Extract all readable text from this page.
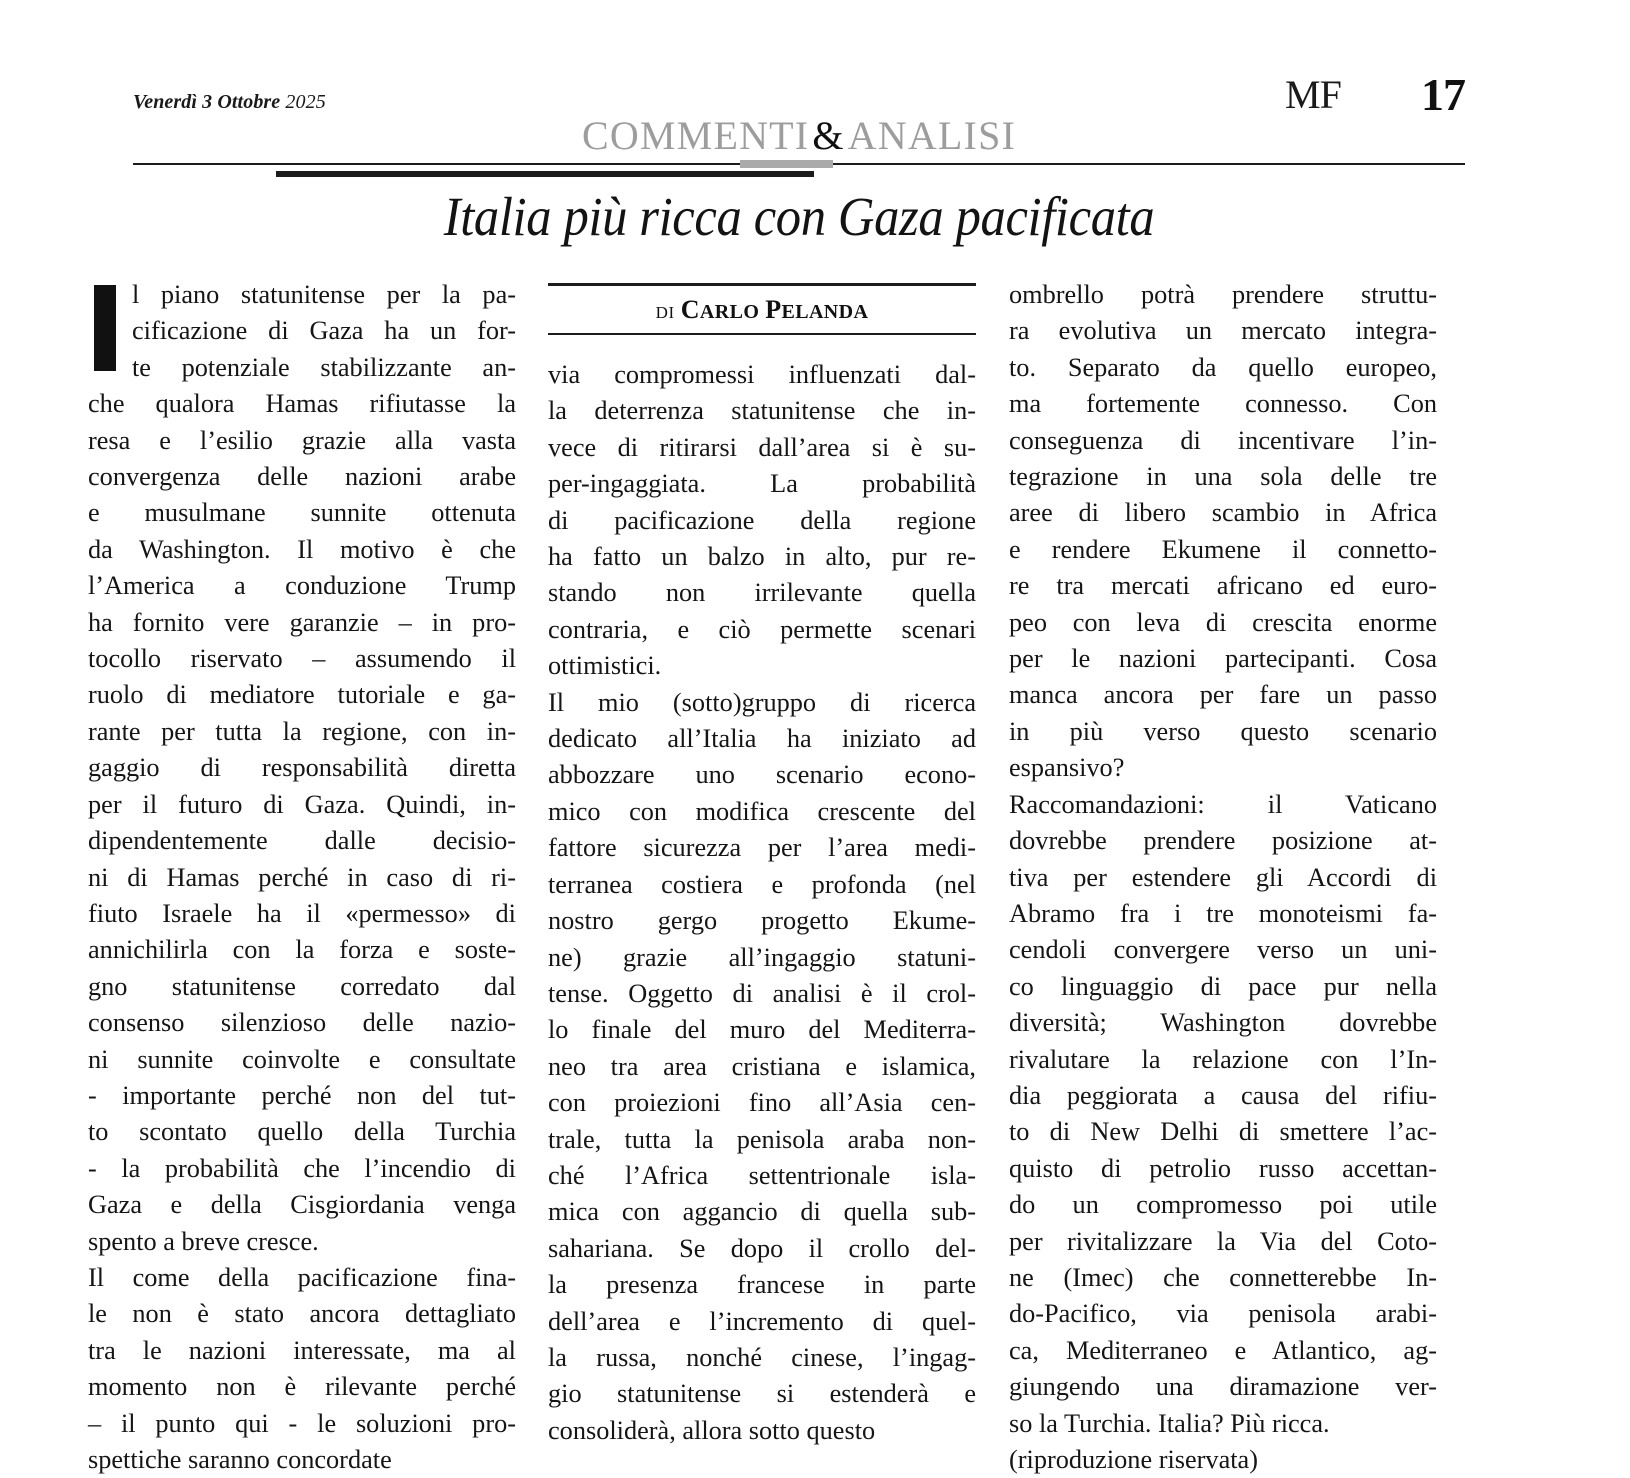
Venerdì 3 Ottobre 2025	MF 17
COMMENTI&ANALISI
Italia più ricca con Gaza pacificata
DI CARLO PELANDA
l piano statunitense per la pa-
cificazione di Gaza ha un for-
te potenziale stabilizzante an-
che qualora Hamas rifiutasse la
resa e l’esilio grazie alla vasta
convergenza delle nazioni arabe
e musulmane sunnite ottenuta
da Washington. Il motivo è che
l’America a conduzione Trump
ha fornito vere garanzie – in pro-
tocollo riservato – assumendo il
ruolo di mediatore tutoriale e ga-
rante per tutta la regione, con in-
gaggio di responsabilità diretta
per il futuro di Gaza. Quindi, in-
dipendentemente dalle decisio-
ni di Hamas perché in caso di ri-
fiuto Israele ha il «permesso» di
annichilirla con la forza e soste-
gno statunitense corredato dal
consenso silenzioso delle nazio-
ni sunnite coinvolte e consultate
- importante perché non del tut-
to scontato quello della Turchia
- la probabilità che l’incendio di
Gaza e della Cisgiordania venga
spento a breve cresce.
Il come della pacificazione fina-
le non è stato ancora dettagliato
tra le nazioni interessate, ma al
momento non è rilevante perché
– il punto qui - le soluzioni pro-
spettiche saranno concordate
via compromessi influenzati dal-
la deterrenza statunitense che in-
vece di ritirarsi dall’area si è su-
per-ingaggiata. La probabilità
di pacificazione della regione
ha fatto un balzo in alto, pur re-
stando non irrilevante quella
contraria, e ciò permette scenari
ottimistici.
Il mio (sotto)gruppo di ricerca
dedicato all’Italia ha iniziato ad
abbozzare uno scenario econo-
mico con modifica crescente del
fattore sicurezza per l’area medi-
terranea costiera e profonda (nel
nostro gergo progetto Ekume-
ne) grazie all’ingaggio statuni-
tense. Oggetto di analisi è il crol-
lo finale del muro del Mediterra-
neo tra area cristiana e islamica,
con proiezioni fino all’Asia cen-
trale, tutta la penisola araba non-
ché l’Africa settentrionale isla-
mica con aggancio di quella sub-
sahariana. Se dopo il crollo del-
la presenza francese in parte
dell’area e l’incremento di quel-
la russa, nonché cinese, l’ingag-
gio statunitense si estenderà e
consoliderà, allora sotto questo
ombrello potrà prendere struttu-
ra evolutiva un mercato integra-
to. Separato da quello europeo,
ma fortemente connesso. Con
conseguenza di incentivare l’in-
tegrazione in una sola delle tre
aree di libero scambio in Africa
e rendere Ekumene il connetto-
re tra mercati africano ed euro-
peo con leva di crescita enorme
per le nazioni partecipanti. Cosa
manca ancora per fare un passo
in più verso questo scenario
espansivo?
Raccomandazioni: il Vaticano
dovrebbe prendere posizione at-
tiva per estendere gli Accordi di
Abramo fra i tre monoteismi fa-
cendoli convergere verso un uni-
co linguaggio di pace pur nella
diversità; Washington dovrebbe
rivalutare la relazione con l’In-
dia peggiorata a causa del rifiu-
to di New Delhi di smettere l’ac-
quisto di petrolio russo accettan-
do un compromesso poi utile
per rivitalizzare la Via del Coto-
ne (Imec) che connetterebbe In-
do-Pacifico, via penisola arabi-
ca, Mediterraneo e Atlantico, ag-
giungendo una diramazione ver-
so la Turchia. Italia? Più ricca.
(riproduzione riservata)
